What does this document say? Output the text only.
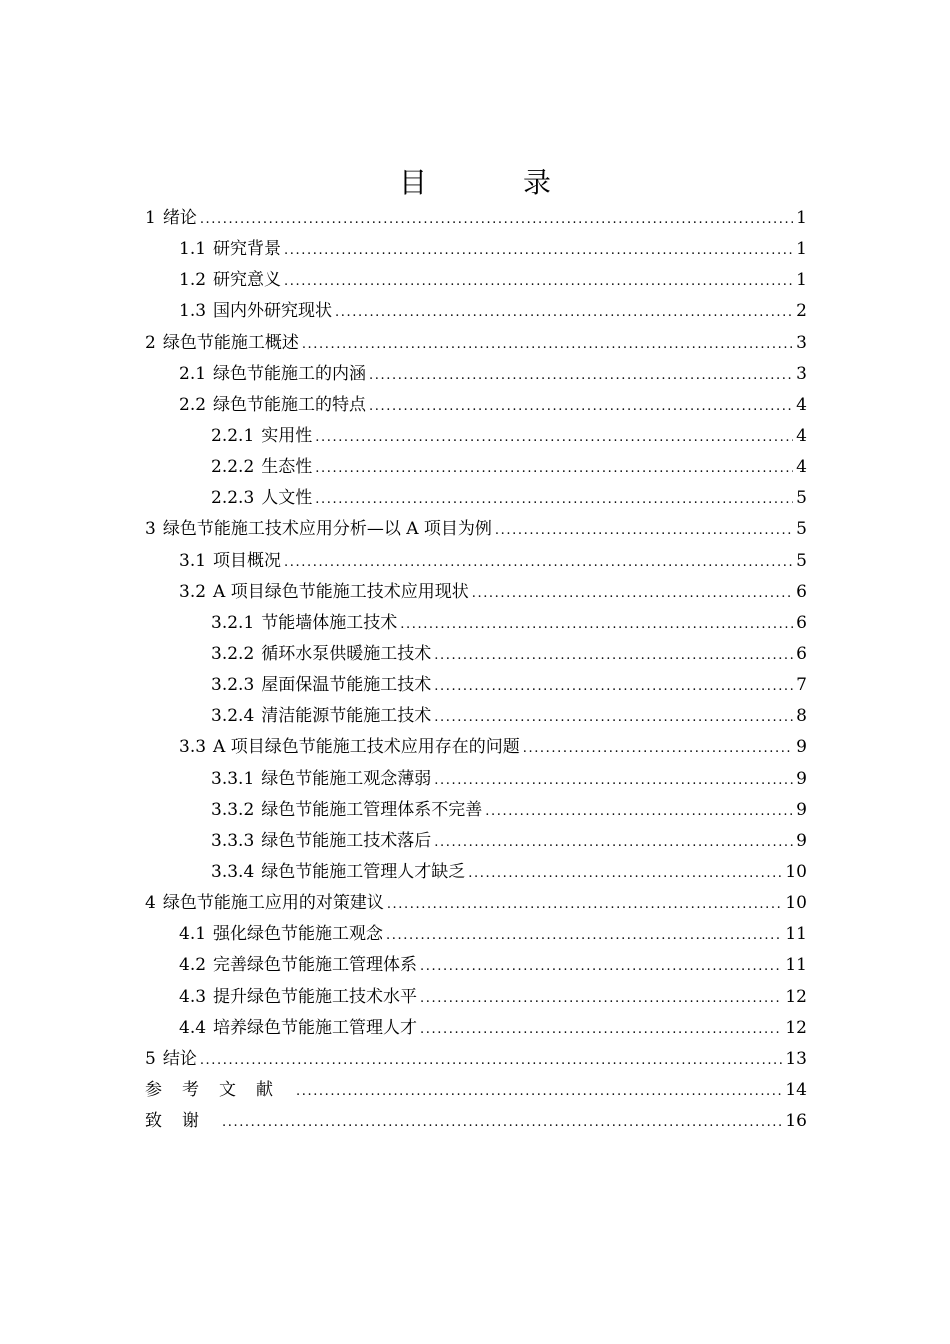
目　录
1 绪论 .....	1
1.1 研究背景 .....	1
1.2 研究意义 .....	1
1.3 国内外研究现状 .....	2
2 绿色节能施工概述 .....	3
2.1 绿色节能施工的内涵 .....	3
2.2 绿色节能施工的特点 .....	4
2.2.1 实用性 .....	4
2.2.2 生态性 .....	4
2.2.3 人文性 .....	5
3 绿色节能施工技术应用分析—以 A 项目为例 .....	5
3.1 项目概况 .....	5
3.2 A 项目绿色节能施工技术应用现状 .....	6
3.2.1 节能墙体施工技术 .....	6
3.2.2 循环水泵供暖施工技术 .....	6
3.2.3 屋面保温节能施工技术 .....	7
3.2.4 清洁能源节能施工技术 .....	8
3.3 A 项目绿色节能施工技术应用存在的问题 .....	9
3.3.1 绿色节能施工观念薄弱 .....	9
3.3.2 绿色节能施工管理体系不完善 .....	9
3.3.3 绿色节能施工技术落后 .....	9
3.3.4 绿色节能施工管理人才缺乏 .....	10
4 绿色节能施工应用的对策建议 .....	10
4.1 强化绿色节能施工观念 .....	11
4.2 完善绿色节能施工管理体系 .....	11
4.3 提升绿色节能施工技术水平 .....	12
4.4 培养绿色节能施工管理人才 .....	12
5 结论 .....	13
参考文献 .....	14
致谢 .....	16
